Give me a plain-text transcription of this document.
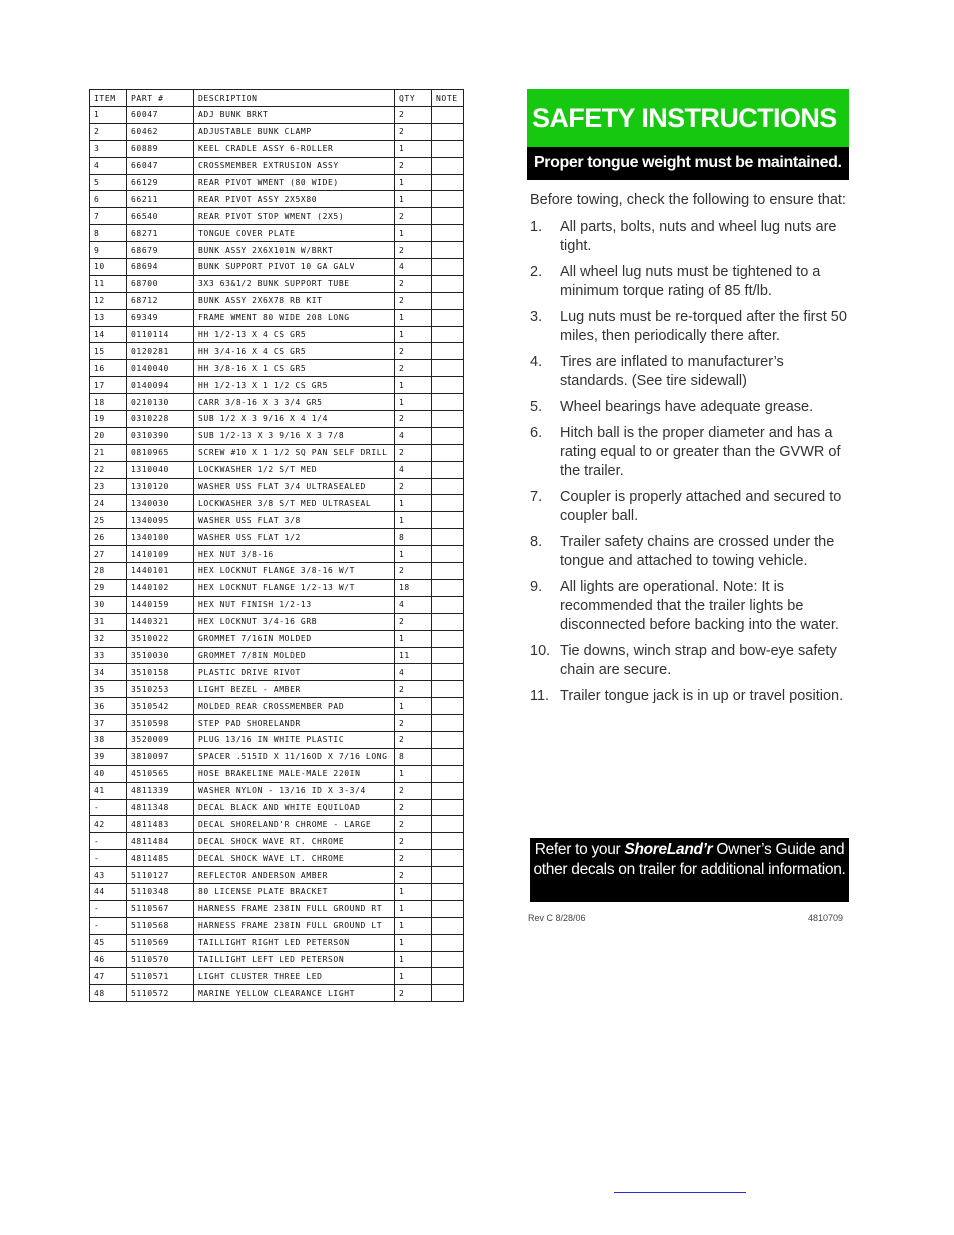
ITEM	PART #	DESCRIPTION	QTY	NOTE
1	60047	ADJ BUNK BRKT	2	
2	60462	ADJUSTABLE BUNK CLAMP	2	
3	60889	KEEL CRADLE ASSY 6-ROLLER	1	
4	66047	CROSSMEMBER EXTRUSION ASSY	2	
5	66129	REAR PIVOT WMENT (80 WIDE)	1	
6	66211	REAR PIVOT ASSY 2X5X80	1	
7	66540	REAR PIVOT STOP WMENT (2X5)	2	
8	68271	TONGUE COVER PLATE	1	
9	68679	BUNK ASSY 2X6X101N W/BRKT	2	
10	68694	BUNK SUPPORT PIVOT 10 GA GALV	4	
11	68700	3X3 63&1/2 BUNK SUPPORT TUBE	2	
12	68712	BUNK ASSY 2X6X78 RB KIT	2	
13	69349	FRAME WMENT 80 WIDE 208 LONG	1	
14	0110114	HH 1/2-13 X 4 CS GR5	1	
15	0120281	HH 3/4-16 X 4 CS GR5	2	
16	0140040	HH 3/8-16 X 1 CS GR5	2	
17	0140094	HH 1/2-13 X 1 1/2 CS GR5	1	
18	0210130	CARR 3/8-16 X 3 3/4 GR5	1	
19	0310228	SUB 1/2 X 3 9/16 X 4 1/4	2	
20	0310390	SUB 1/2-13 X 3 9/16 X 3 7/8	4	
21	0810965	SCREW #10 X 1 1/2 SQ PAN SELF DRILL	2	
22	1310040	LOCKWASHER 1/2 S/T MED	4	
23	1310120	WASHER USS FLAT 3/4 ULTRASEALED	2	
24	1340030	LOCKWASHER 3/8 S/T MED ULTRASEAL	1	
25	1340095	WASHER USS FLAT 3/8	1	
26	1340100	WASHER USS FLAT 1/2	8	
27	1410109	HEX NUT 3/8-16	1	
28	1440101	HEX LOCKNUT FLANGE 3/8-16 W/T	2	
29	1440102	HEX LOCKNUT FLANGE 1/2-13 W/T	18	
30	1440159	HEX NUT FINISH 1/2-13	4	
31	1440321	HEX LOCKNUT 3/4-16 GRB	2	
32	3510022	GROMMET 7/16IN MOLDED	1	
33	3510030	GROMMET 7/8IN MOLDED	11	
34	3510158	PLASTIC DRIVE RIVOT	4	
35	3510253	LIGHT BEZEL - AMBER	2	
36	3510542	MOLDED REAR CROSSMEMBER PAD	1	
37	3510598	STEP PAD SHORELANDR	2	
38	3520009	PLUG 13/16 IN WHITE PLASTIC	2	
39	3810097	SPACER .515ID X 11/16OD X 7/16 LONG	8	
40	4510565	HOSE BRAKELINE MALE-MALE 220IN	1	
41	4811339	WASHER NYLON - 13/16 ID X 3-3/4	2	
-	4811348	DECAL BLACK AND WHITE EQUILOAD	2	
42	4811483	DECAL SHORELAND'R CHROME - LARGE	2	
-	4811484	DECAL SHOCK WAVE RT. CHROME	2	
-	4811485	DECAL SHOCK WAVE LT. CHROME	2	
43	5110127	REFLECTOR ANDERSON AMBER	2	
44	5110348	80 LICENSE PLATE BRACKET	1	
-	5110567	HARNESS FRAME 238IN FULL GROUND RT	1	
-	5110568	HARNESS FRAME 238IN FULL GROUND LT	1	
45	5110569	TAILLIGHT RIGHT LED PETERSON	1	
46	5110570	TAILLIGHT LEFT LED PETERSON	1	
47	5110571	LIGHT CLUSTER THREE LED	1	
48	5110572	MARINE YELLOW CLEARANCE LIGHT	2	
SAFETY INSTRUCTIONS
Proper tongue weight must be maintained.
Before towing, check the following to ensure that:
1.	All parts, bolts, nuts and wheel lug nuts are tight.
2.	All wheel lug nuts must be tightened to a minimum torque rating of 85 ft/lb.
3.	Lug nuts must be re-torqued after the first 50 miles, then periodically there after.
4.	Tires are inflated to manufacturer’s standards. (See tire sidewall)
5.	Wheel bearings have adequate grease.
6.	Hitch ball is the proper diameter and has a rating equal to or greater than the GVWR of the trailer.
7.	Coupler is properly attached and secured to coupler ball.
8.	Trailer safety chains are crossed under the tongue and attached to towing vehicle.
9.	All lights are operational. Note: It is recommended that the trailer lights be disconnected before backing into the water.
10. Tie downs, winch strap and bow-eye safety chain are secure.
11. Trailer tongue jack is in up or travel position.
Refer to your ShoreLand’r Owner’s Guide and other decals on trailer for additional information.
Rev C 8/28/06	4810709
